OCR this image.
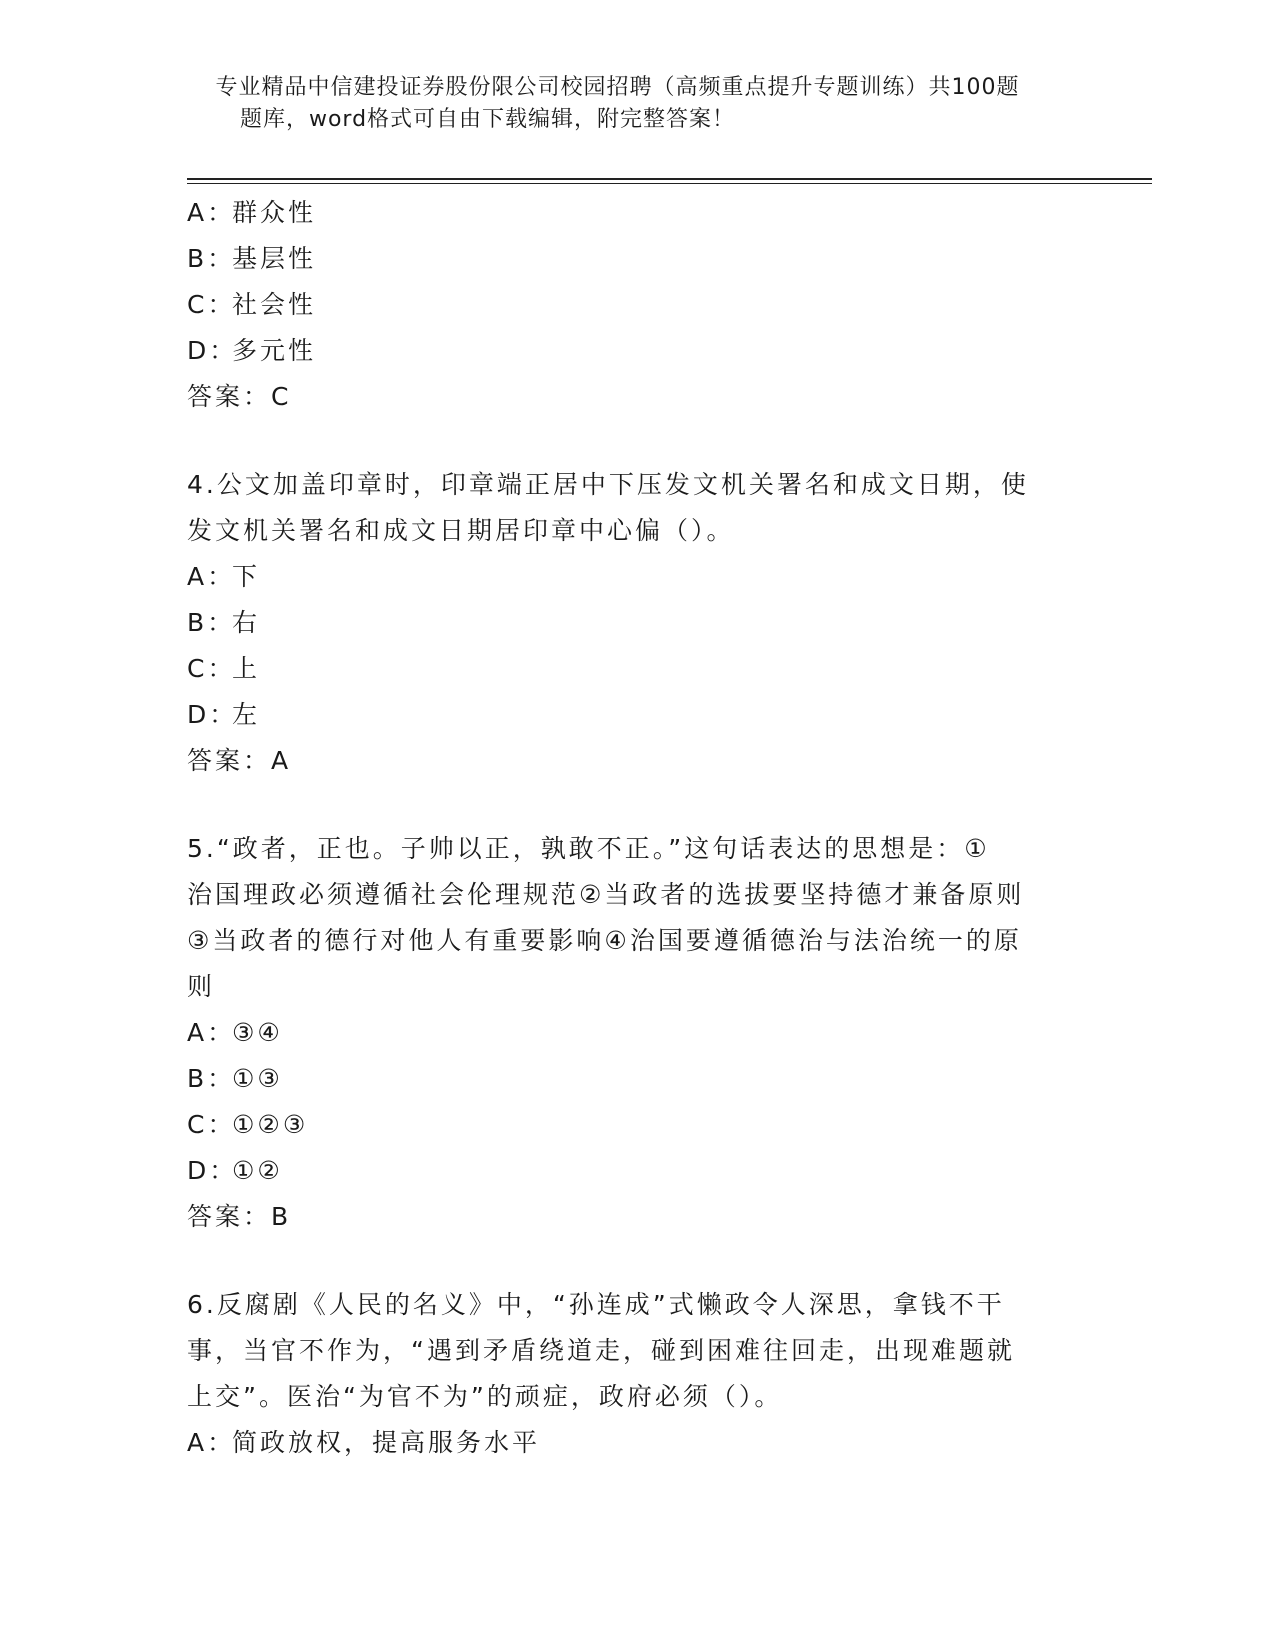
专业精品中信建投证券股份限公司校园招聘（高频重点提升专题训练）共100题
题库，word格式可自由下载编辑，附完整答案！
A：群众性
B：基层性
C：社会性
D：多元性
答案：C
4.公文加盖印章时，印章端正居中下压发文机关署名和成文日期，使
发文机关署名和成文日期居印章中心偏（）。
A：下
B：右
C：上
D：左
答案：A
5.“政者，正也。子帅以正，孰敢不正。”这句话表达的思想是：①
治国理政必须遵循社会伦理规范②当政者的选拔要坚持德才兼备原则
③当政者的德行对他人有重要影响④治国要遵循德治与法治统一的原
则
A：③④
B：①③
C：①②③
D：①②
答案：B
6.反腐剧《人民的名义》中，“孙连成”式懒政令人深思，拿钱不干
事，当官不作为，“遇到矛盾绕道走，碰到困难往回走，出现难题就
上交”。医治“为官不为”的顽症，政府必须（）。
A：简政放权，提高服务水平
